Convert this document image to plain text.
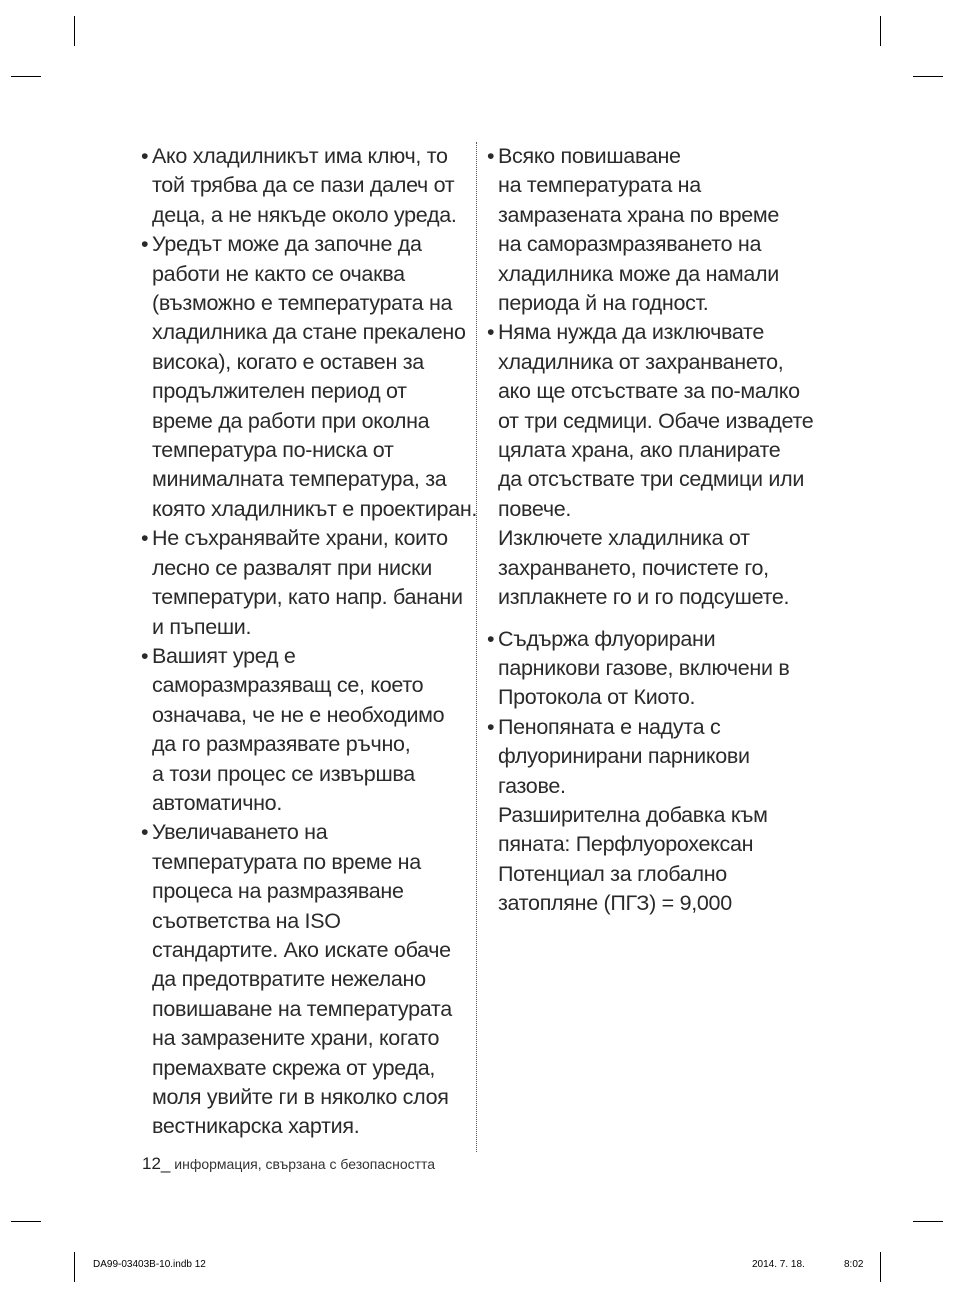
• Ако хладилникът има ключ, то
той трябва да се пази далеч от
деца, а не някъде около уреда.

• Уредът може да започне да
работи не както се очаква
(възможно е температурата на
хладилника да стане прекалено
висока), когато е оставен за
продължителен период от
време да работи при околна
температура по-ниска от
минималната температура, за
която хладилникът е проектиран.

• Не съхранявайте храни, които
лесно се развалят при ниски
температури, като напр. банани
и пъпеши.

• Вашият уред е
саморазмразяващ се, което
означава, че не е необходимо
да го размразявате ръчно,
а този процес се извършва
автоматично.

• Увеличаването на
температурата по време на
процеса на размразяване
съответства на ISO
стандартите. Ако искате обаче
да предотвратите нежелано
повишаване на температурата
на замразените храни, когато
премахвате скрежа от уреда,
моля увийте ги в няколко слоя
вестникарска хартия.

• Всяко повишаване
на температурата на
замразената храна по време
на саморазмразяването на
хладилника може да намали
периода й на годност.

• Няма нужда да изключвате
хладилника от захранването,
ако ще отсъствате за по-малко
от три седмици. Обаче извадете
цялата храна, ако планирате
да отсъствате три седмици или
повече.
Изключете хладилника от
захранването, почистете го,
изплакнете го и го подсушете.

• Съдържа флуорирани
парникови газове, включени в
Протокола от Киото.

• Пенопяната е надута с
флуоринирани парникови
газове.
Разширителна добавка към
пяната: Перфлуорохексан
Потенциал за глобално
затопляне (ПГЗ) = 9,000

12_ информация, свързана с безопасността
DA99-03403B-10.indb 12	2014. 7. 18.	8:02
